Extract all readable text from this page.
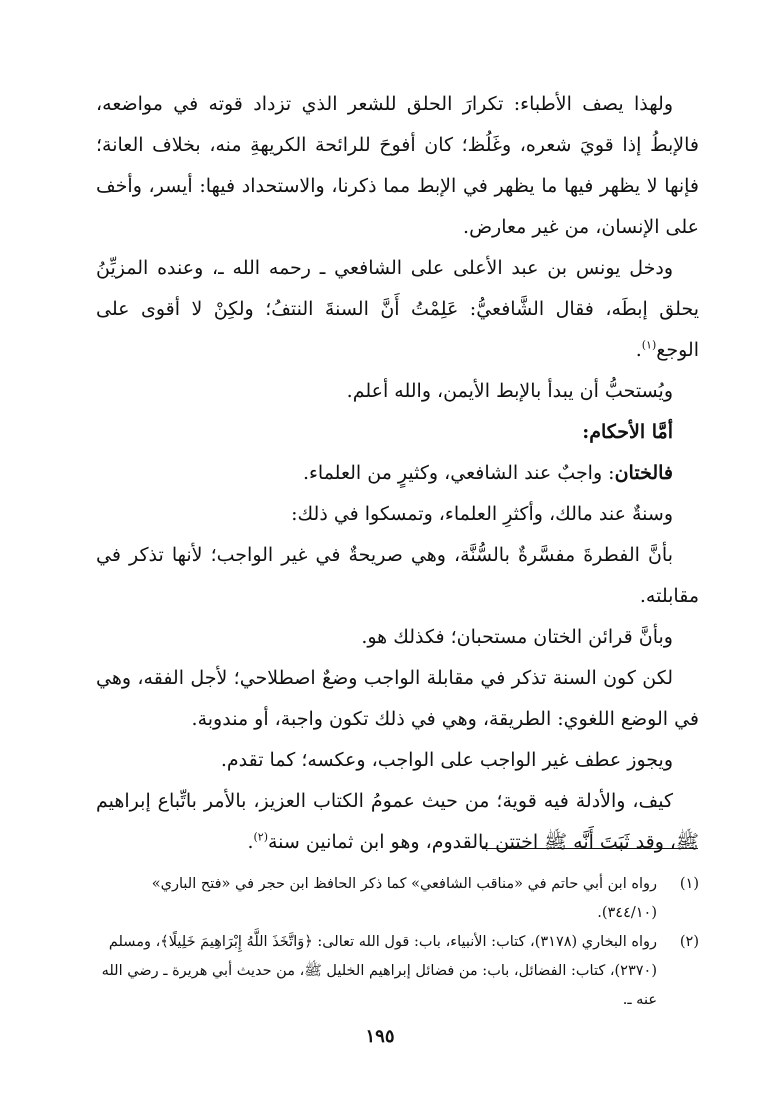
ولهذا يصف الأطباء: تكرارَ الحلق للشعر الذي تزداد قوته في مواضعه، فالإبطُ إذا قويَ شعره، وغَلُظ؛ كان أفوحَ للرائحة الكريهةِ منه، بخلاف العانة؛ فإنها لا يظهر فيها ما يظهر في الإبط مما ذكرنا، والاستحداد فيها: أيسر، وأخف على الإنسان، من غير معارض.

ودخل يونس بن عبد الأعلى على الشافعي ـ رحمه الله ـ، وعنده المزيِّنُ يحلق إبطَه، فقال الشَّافعيُّ: عَلِمْتُ أَنَّ السنةَ النتفُ؛ ولكِنْ لا أقوى على الوجع$^{(١)}$.

ويُستحبُّ أن يبدأ بالإبط الأيمن، والله أعلم.

أمَّا الأحكام:

فالختان: واجبٌ عند الشافعي، وكثيرٍ من العلماء.

وسنةٌ عند مالك، وأكثرِ العلماء، وتمسكوا في ذلك:

بأنَّ الفطرةَ مفسَّرةٌ بالسُّنَّة، وهي صريحةٌ في غير الواجب؛ لأنها تذكر في مقابلته.

وبأنَّ قرائن الختان مستحبان؛ فكذلك هو.

لكن كون السنة تذكر في مقابلة الواجب وضعٌ اصطلاحي؛ لأجل الفقه، وهي في الوضع اللغوي: الطريقة، وهي في ذلك تكون واجبة، أو مندوبة.

ويجوز عطف غير الواجب على الواجب، وعكسه؛ كما تقدم.

كيف، والأدلة فيه قوية؛ من حيث عمومُ الكتاب العزيز، بالأمر باتِّباع إبراهيم ﷺ، وقد ثَبَتَ أَنَّه ﷺ اختتن بالقدوم، وهو ابن ثمانين سنة$^{(٢)}$.

(١)
رواه ابن أبي حاتم في «مناقب الشافعي» كما ذكر الحافظ ابن حجر في «فتح الباري» (٣٤٤/١٠).

(٢)
رواه البخاري (٣١٧٨)، كتاب: الأنبياء، باب: قول الله تعالى: ﴿وَاتَّخَذَ اللَّهُ إِبْرَاهِيمَ خَلِيلًا﴾، ومسلم (٢٣٧٠)، كتاب: الفضائل، باب: من فضائل إبراهيم الخليل ﷺ، من حديث أبي هريرة ـ رضي الله عنه ـ.

١٩٥
